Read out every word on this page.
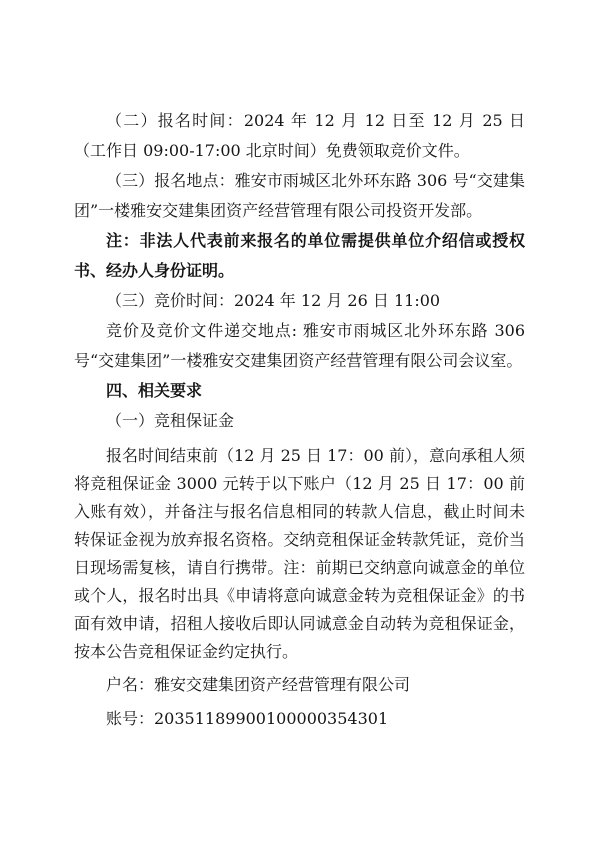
（二）报名时间：2024 年 12 月 12 日至 12 月 25 日（工作日 09:00-17:00 北京时间）免费领取竞价文件。

（三）报名地点：雅安市雨城区北外环东路 306 号“交建集团”一楼雅安交建集团资产经营管理有限公司投资开发部。

注：非法人代表前来报名的单位需提供单位介绍信或授权书、经办人身份证明。

（三）竞价时间：2024 年 12 月 26 日 11:00

竞价及竞价文件递交地点: 雅安市雨城区北外环东路 306 号“交建集团”一楼雅安交建集团资产经营管理有限公司会议室。

四、相关要求

（一）竞租保证金

报名时间结束前（12 月 25 日 17：00 前），意向承租人须将竞租保证金 3000 元转于以下账户（12 月 25 日 17：00 前入账有效），并备注与报名信息相同的转款人信息，截止时间未转保证金视为放弃报名资格。交纳竞租保证金转款凭证，竞价当日现场需复核，请自行携带。注：前期已交纳意向诚意金的单位或个人，报名时出具《申请将意向诚意金转为竞租保证金》的书面有效申请，招租人接收后即认同诚意金自动转为竞租保证金，按本公告竞租保证金约定执行。

户名：雅安交建集团资产经营管理有限公司

账号：20351189900100000354301
